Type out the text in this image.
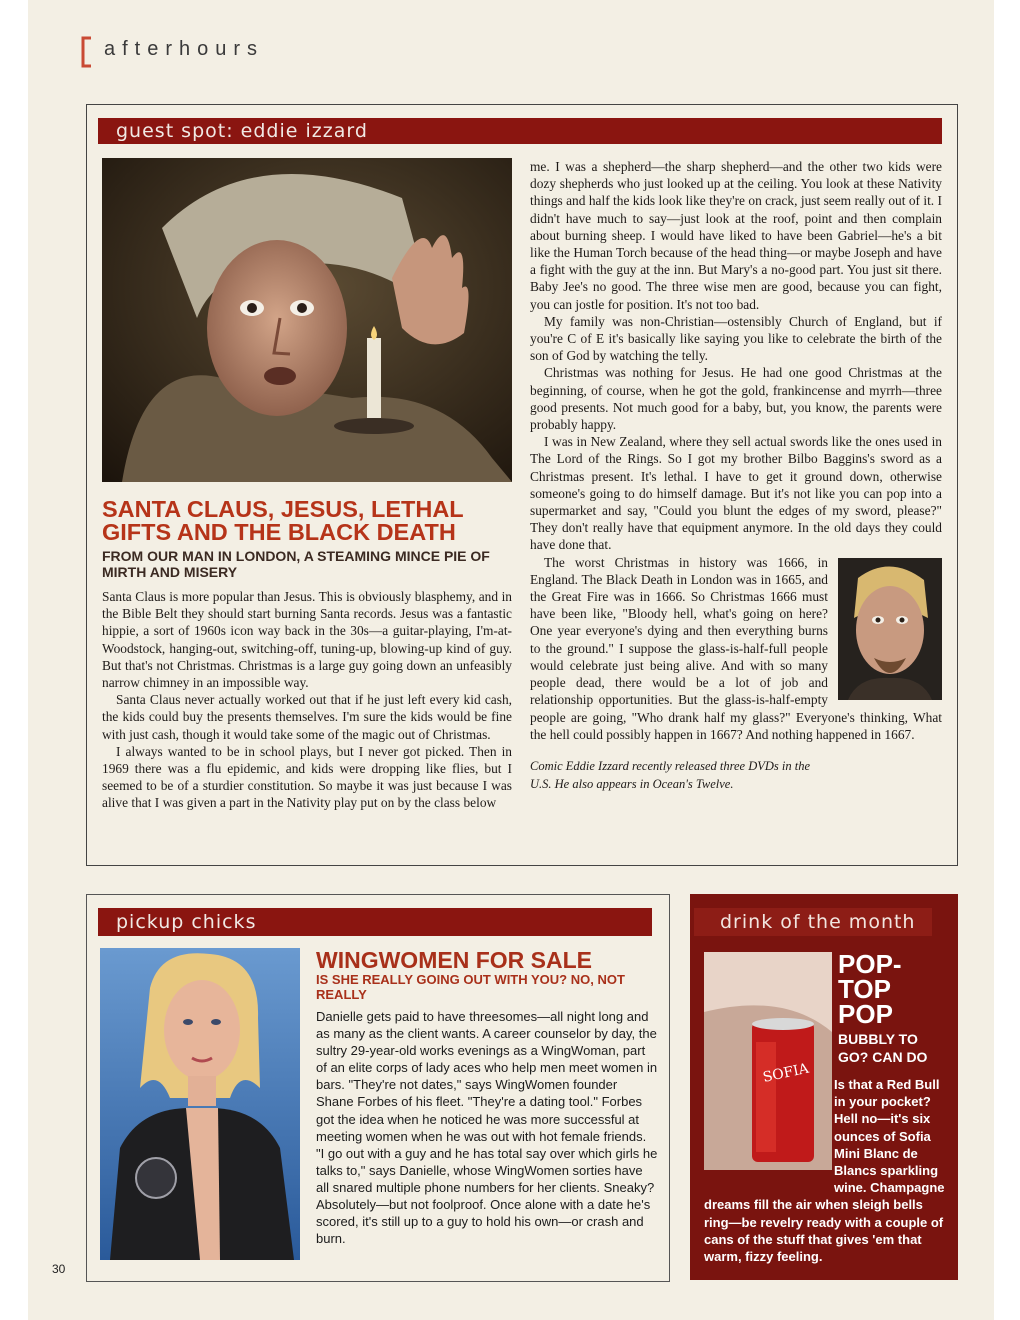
afterhours
guest spot: eddie izzard
SANTA CLAUS, JESUS, LETHAL GIFTS AND THE BLACK DEATH
FROM OUR MAN IN LONDON, A STEAMING MINCE PIE OF MIRTH AND MISERY

Santa Claus is more popular than Jesus. This is obviously blasphemy, and in the Bible Belt they should start burning Santa records. Jesus was a fantastic hippie, a sort of 1960s icon way back in the 30s—a guitar-playing, I'm-at-Woodstock, hanging-out, switching-off, tuning-up, blowing-up kind of guy. But that's not Christmas. Christmas is a large guy going down an unfeasibly narrow chimney in an impossible way.

Santa Claus never actually worked out that if he just left every kid cash, the kids could buy the presents themselves. I'm sure the kids would be fine with just cash, though it would take some of the magic out of Christmas.

I always wanted to be in school plays, but I never got picked. Then in 1969 there was a flu epidemic, and kids were dropping like flies, but I seemed to be of a sturdier constitution. So maybe it was just because I was alive that I was given a part in the Nativity play put on by the class below

me. I was a shepherd—the sharp shepherd—and the other two kids were dozy shepherds who just looked up at the ceiling. You look at these Nativity things and half the kids look like they're on crack, just seem really out of it. I didn't have much to say—just look at the roof, point and then complain about burning sheep. I would have liked to have been Gabriel—he's a bit like the Human Torch because of the head thing—or maybe Joseph and have a fight with the guy at the inn. But Mary's a no-good part. You just sit there. Baby Jee's no good. The three wise men are good, because you can fight, you can jostle for position. It's not too bad.

My family was non-Christian—ostensibly Church of England, but if you're C of E it's basically like saying you like to celebrate the birth of the son of God by watching the telly.

Christmas was nothing for Jesus. He had one good Christmas at the beginning, of course, when he got the gold, frankincense and myrrh—three good presents. Not much good for a baby, but, you know, the parents were probably happy.

I was in New Zealand, where they sell actual swords like the ones used in The Lord of the Rings. So I got my brother Bilbo Baggins's sword as a Christmas present. It's lethal. I have to get it ground down, otherwise someone's going to do himself damage. But it's not like you can pop into a supermarket and say, "Could you blunt the edges of my sword, please?" They don't really have that equipment anymore. In the old days they could have done that.

The worst Christmas in history was 1666, in England. The Black Death in London was in 1665, and the Great Fire was in 1666. So Christmas 1666 must have been like, "Bloody hell, what's going on here? One year everyone's dying and then everything burns to the ground." I suppose the glass-is-half-full people would celebrate just being alive. And with so many people dead, there would be a lot of job and relationship opportunities. But the glass-is-half-empty people are going, "Who drank half my glass?" Everyone's thinking, What the hell could possibly happen in 1667? And nothing happened in 1667.

Comic Eddie Izzard recently released three DVDs in the U.S. He also appears in Ocean's Twelve.
pickup chicks
WINGWOMEN FOR SALE
IS SHE REALLY GOING OUT WITH YOU? NO, NOT REALLY
Danielle gets paid to have threesomes—all night long and as many as the client wants. A career counselor by day, the sultry 29-year-old works evenings as a WingWoman, part of an elite corps of lady aces who help men meet women in bars. "They're not dates," says WingWomen founder Shane Forbes of his fleet. "They're a dating tool." Forbes got the idea when he noticed he was more successful at meeting women when he was out with hot female friends. "I go out with a guy and he has total say over which girls he talks to," says Danielle, whose WingWomen sorties have all snared multiple phone numbers for her clients. Sneaky? Absolutely—but not foolproof. Once alone with a date he's scored, it's still up to a guy to hold his own—or crash and burn.
drink of the month
SOFIA
POP-TOP POP
BUBBLY TO GO? CAN DO
Is that a Red Bull in your pocket? Hell no—it's six ounces of Sofia Mini Blanc de Blancs sparkling wine. Champagne dreams fill the air when sleigh bells ring—be revelry ready with a couple of cans of the stuff that gives 'em that warm, fizzy feeling.
30
